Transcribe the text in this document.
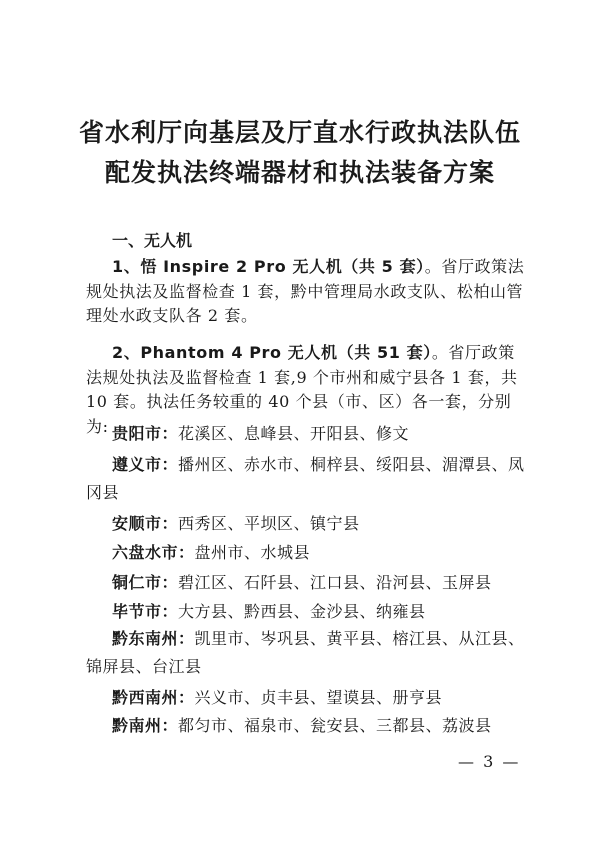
省水利厅向基层及厅直水行政执法队伍
配发执法终端器材和执法装备方案
一、无人机

1、悟 Inspire 2 Pro 无人机（共 5 套）。省厅政策法规处执法及监督检查 1 套，黔中管理局水政支队、松柏山管理处水政支队各 2 套。

2、Phantom 4 Pro 无人机（共 51 套）。省厅政策法规处执法及监督检查 1 套,9 个市州和威宁县各 1 套，共 10 套。执法任务较重的 40 个县（市、区）各一套，分别为: 贵阳市：花溪区、息峰县、开阳县、修文
遵义市：播州区、赤水市、桐梓县、绥阳县、湄潭县、凤冈县
安顺市：西秀区、平坝区、镇宁县
六盘水市：盘州市、水城县
铜仁市：碧江区、石阡县、江口县、沿河县、玉屏县
毕节市：大方县、黔西县、金沙县、纳雍县
黔东南州：凯里市、岑巩县、黄平县、榕江县、从江县、锦屏县、台江县
黔西南州：兴义市、贞丰县、望谟县、册亨县
黔南州：都匀市、福泉市、瓮安县、三都县、荔波县
— 3 —
